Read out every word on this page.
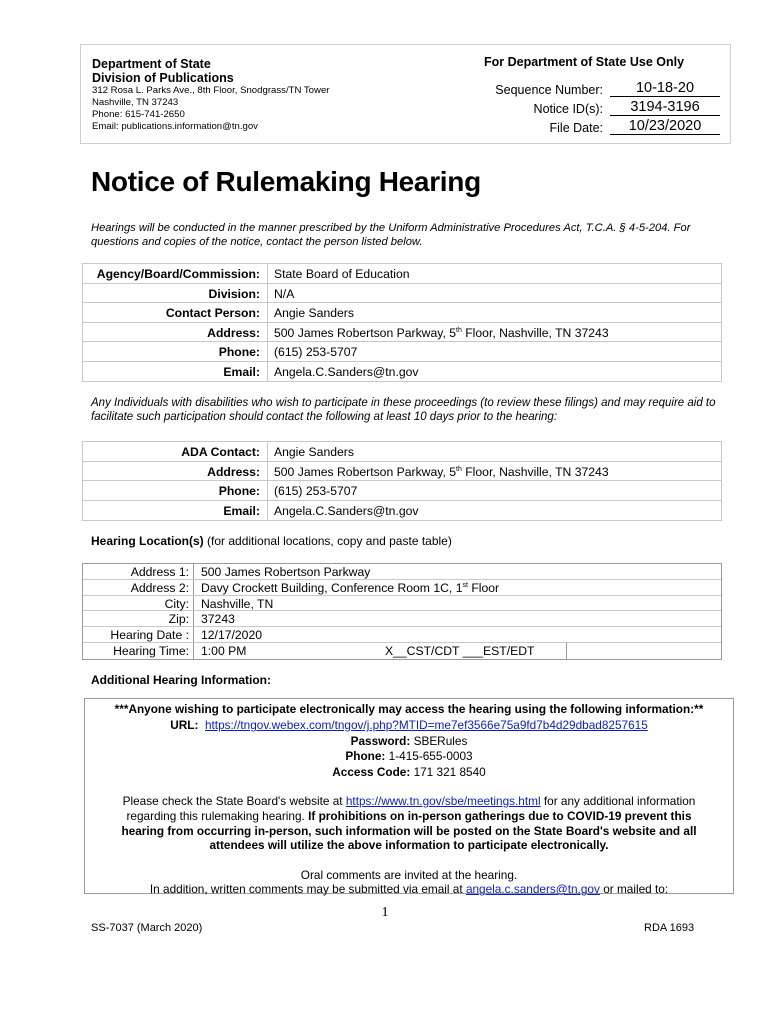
Department of State
Division of Publications
312 Rosa L. Parks Ave., 8th Floor, Snodgrass/TN Tower
Nashville, TN 37243
Phone: 615-741-2650
Email: publications.information@tn.gov
For Department of State Use Only
Sequence Number:	10-18-20
Notice ID(s):	3194-3196
File Date:	10/23/2020
Notice of Rulemaking Hearing
Hearings will be conducted in the manner prescribed by the Uniform Administrative Procedures Act, T.C.A. § 4-5-204. For questions and copies of the notice, contact the person listed below.
Agency/Board/Commission: State Board of Education
Division: N/A
Contact Person: Angie Sanders
Address: 500 James Robertson Parkway, 5th Floor, Nashville, TN 37243
Phone: (615) 253-5707
Email: Angela.C.Sanders@tn.gov
Any Individuals with disabilities who wish to participate in these proceedings (to review these filings) and may require aid to facilitate such participation should contact the following at least 10 days prior to the hearing:
ADA Contact: Angie Sanders
Address: 500 James Robertson Parkway, 5th Floor, Nashville, TN 37243
Phone: (615) 253-5707
Email: Angela.C.Sanders@tn.gov
Hearing Location(s) (for additional locations, copy and paste table)
Address 1: 500 James Robertson Parkway
Address 2: Davy Crockett Building, Conference Room 1C, 1st Floor
City: Nashville, TN
Zip: 37243
Hearing Date : 12/17/2020
Hearing Time: 1:00 PM	X__CST/CDT ___EST/EDT
Additional Hearing Information:
***Anyone wishing to participate electronically may access the hearing using the following information:**
URL: https://tngov.webex.com/tngov/j.php?MTID=me7ef3566e75a9fd7b4d29dbad8257615
Password: SBERules
Phone: 1-415-655-0003
Access Code: 171 321 8540
Please check the State Board's website at https://www.tn.gov/sbe/meetings.html for any additional information
regarding this rulemaking hearing. If prohibitions on in-person gatherings due to COVID-19 prevent this
hearing from occurring in-person, such information will be posted on the State Board's website and all
attendees will utilize the above information to participate electronically.
Oral comments are invited at the hearing.
In addition, written comments may be submitted via email at angela.c.sanders@tn.gov or mailed to:
1
SS-7037 (March 2020)	RDA 1693
